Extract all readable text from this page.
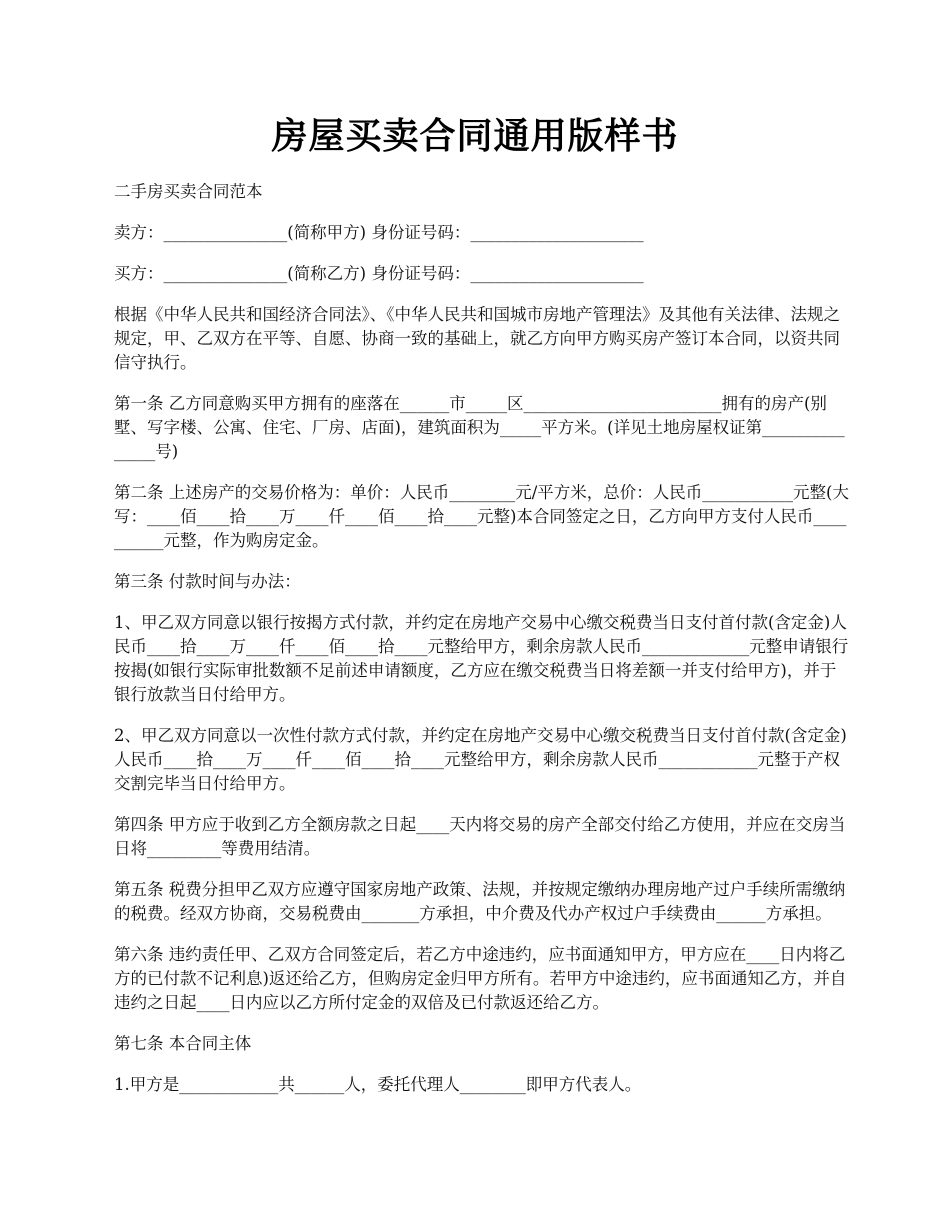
房屋买卖合同通用版样书

二手房买卖合同范本

卖方：_______________(简称甲方) 身份证号码：_____________________

买方：_______________(简称乙方) 身份证号码：_____________________

根据《中华人民共和国经济合同法》、《中华人民共和国城市房地产管理法》及其他有关法律、法规之规定，甲、乙双方在平等、自愿、协商一致的基础上，就乙方向甲方购买房产签订本合同，以资共同信守执行。

第一条 乙方同意购买甲方拥有的座落在______市_____区________________________拥有的房产(别墅、写字楼、公寓、住宅、厂房、店面)，建筑面积为_____平方米。(详见土地房屋权证第_______________号)

第二条 上述房产的交易价格为：单价：人民币________元/平方米，总价：人民币___________元整(大写：____佰____拾____万____仟____佰____拾____元整)本合同签定之日，乙方向甲方支付人民币__________元整，作为购房定金。

第三条 付款时间与办法：

1、甲乙双方同意以银行按揭方式付款，并约定在房地产交易中心缴交税费当日支付首付款(含定金)人民币____拾____万____仟____佰____拾____元整给甲方，剩余房款人民币_____________元整申请银行按揭(如银行实际审批数额不足前述申请额度，乙方应在缴交税费当日将差额一并支付给甲方)，并于银行放款当日付给甲方。

2、甲乙双方同意以一次性付款方式付款，并约定在房地产交易中心缴交税费当日支付首付款(含定金)人民币____拾____万____仟____佰____拾____元整给甲方，剩余房款人民币____________元整于产权交割完毕当日付给甲方。

第四条 甲方应于收到乙方全额房款之日起____天内将交易的房产全部交付给乙方使用，并应在交房当日将_________等费用结清。

第五条 税费分担甲乙双方应遵守国家房地产政策、法规，并按规定缴纳办理房地产过户手续所需缴纳的税费。经双方协商，交易税费由_______方承担，中介费及代办产权过户手续费由______方承担。

第六条 违约责任甲、乙双方合同签定后，若乙方中途违约，应书面通知甲方，甲方应在____日内将乙方的已付款不记利息)返还给乙方，但购房定金归甲方所有。若甲方中途违约，应书面通知乙方，并自违约之日起____日内应以乙方所付定金的双倍及已付款返还给乙方。

第七条 本合同主体

1.甲方是____________共______人，委托代理人________即甲方代表人。
